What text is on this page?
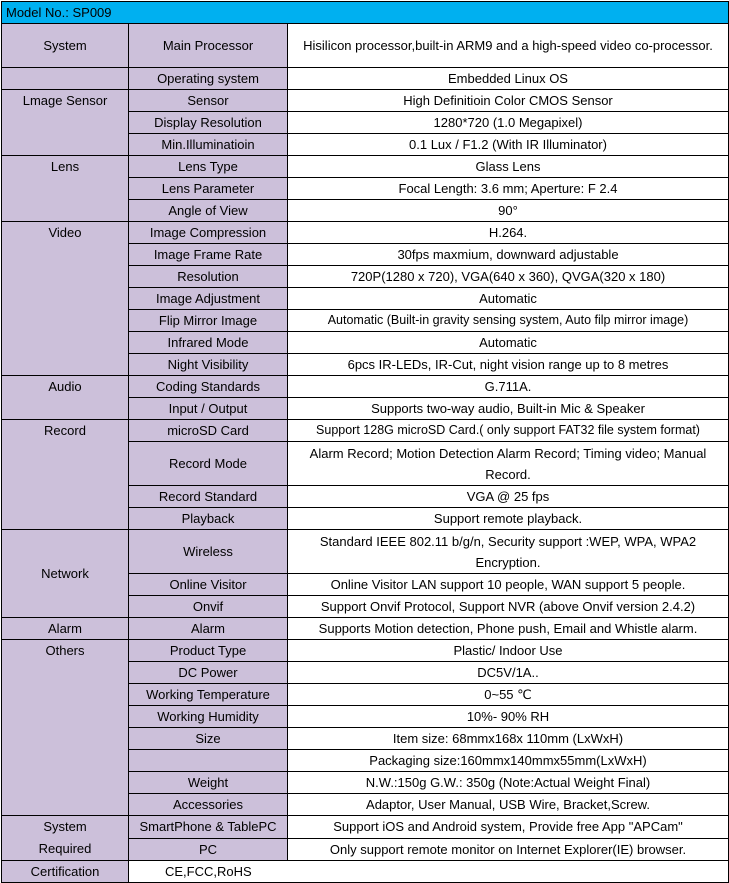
Model No.: SP009		
System	Main Processor	Hisilicon processor,built-in ARM9 and a high-speed video co-processor.
	Operating system	Embedded Linux OS
Lmage Sensor	Sensor	High Definitioin Color CMOS Sensor
	Display Resolution	1280*720 (1.0 Megapixel)
	Min.Illuminatioin	0.1 Lux / F1.2 (With IR Illuminator)
Lens	Lens Type	Glass Lens
	Lens Parameter	Focal Length: 3.6 mm; Aperture: F 2.4
	Angle of View	90°
Video	Image Compression	H.264.
	Image Frame Rate	30fps maxmium, downward adjustable
	Resolution	720P(1280 x 720), VGA(640 x 360), QVGA(320 x 180)
	Image Adjustment	Automatic
	Flip Mirror Image	Automatic (Built-in gravity sensing system, Auto filp mirror image)
	Infrared Mode	Automatic
	Night Visibility	6pcs IR-LEDs, IR-Cut, night vision range up to 8 metres
Audio	Coding Standards	G.711A.
	Input / Output	Supports two-way audio, Built-in Mic & Speaker
Record	microSD Card	Support 128G microSD Card.( only support FAT32 file system format)
	Record Mode	Alarm Record; Motion Detection Alarm Record; Timing video; Manual Record.
	Record Standard	VGA @ 25 fps
	Playback	Support remote playback.
Network	Wireless	Standard IEEE 802.11 b/g/n, Security support :WEP, WPA, WPA2 Encryption.
	Online Visitor	Online Visitor LAN support 10 people, WAN support 5 people.
	Onvif	Support Onvif Protocol, Support NVR (above Onvif version 2.4.2)
Alarm	Alarm	Supports Motion detection, Phone push, Email and Whistle alarm.
Others	Product Type	Plastic/ Indoor Use
	DC Power	DC5V/1A..
	Working Temperature	0~55 ℃
	Working Humidity	10%- 90% RH
	Size	Item size: 68mmx168x 110mm (LxWxH)
		Packaging size:160mmx140mmx55mm(LxWxH)
	Weight	N.W.:150g G.W.: 350g (Note:Actual Weight Final)
	Accessories	Adaptor, User Manual, USB Wire, Bracket,Screw.

System
Required	SmartPhone & TablePC	Support iOS and Android system, Provide free App "APCam"
	PC	Only support remote monitor on Internet Explorer(IE) browser.
Certification	CE,FCC,RoHS	
